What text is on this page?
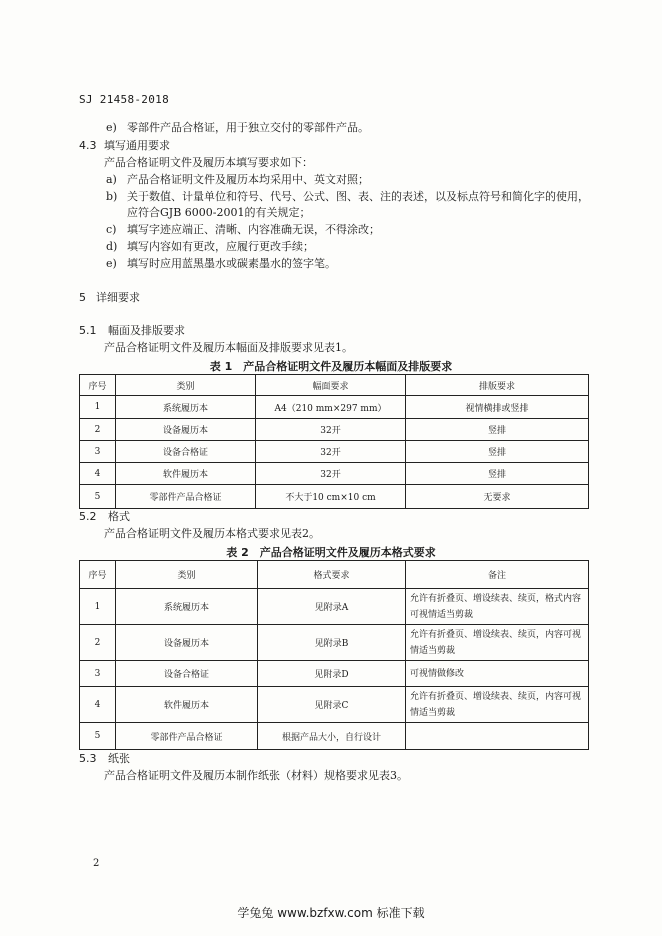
SJ 21458-2018
e) 零部件产品合格证，用于独立交付的零部件产品。
4.3 填写通用要求
产品合格证明文件及履历本填写要求如下：
a) 产品合格证明文件及履历本均采用中、英文对照；
b) 关于数值、计量单位和符号、代号、公式、图、表、注的表述，以及标点符号和简化字的使用，
应符合GJB 6000-2001的有关规定；
c) 填写字迹应端正、清晰、内容准确无误，不得涂改；
d) 填写内容如有更改，应履行更改手续；
e) 填写时应用蓝黑墨水或碳素墨水的签字笔。
5 详细要求
5.1 幅面及排版要求
产品合格证明文件及履历本幅面及排版要求见表1。
表 1　产品合格证明文件及履历本幅面及排版要求
序号	类别	幅面要求	排版要求
1	系统履历本	A4（210 mm×297 mm）	视情横排或竖排
2	设备履历本	32开	竖排
3	设备合格证	32开	竖排
4	软件履历本	32开	竖排
5	零部件产品合格证	不大于10 cm×10 cm	无要求
5.2 格式
产品合格证明文件及履历本格式要求见表2。
表 2　产品合格证明文件及履历本格式要求
序号	类别	格式要求	备注
1	系统履历本	见附录A	允许有折叠页、增设续表、续页，格式内容可视情适当剪裁
2	设备履历本	见附录B	允许有折叠页、增设续表、续页，内容可视情适当剪裁
3	设备合格证	见附录D	可视情做修改
4	软件履历本	见附录C	允许有折叠页、增设续表、续页，内容可视情适当剪裁
5	零部件产品合格证	根据产品大小，自行设计	
5.3 纸张
产品合格证明文件及履历本制作纸张（材料）规格要求见表3。
2
学兔兔 www.bzfxw.com 标准下载
